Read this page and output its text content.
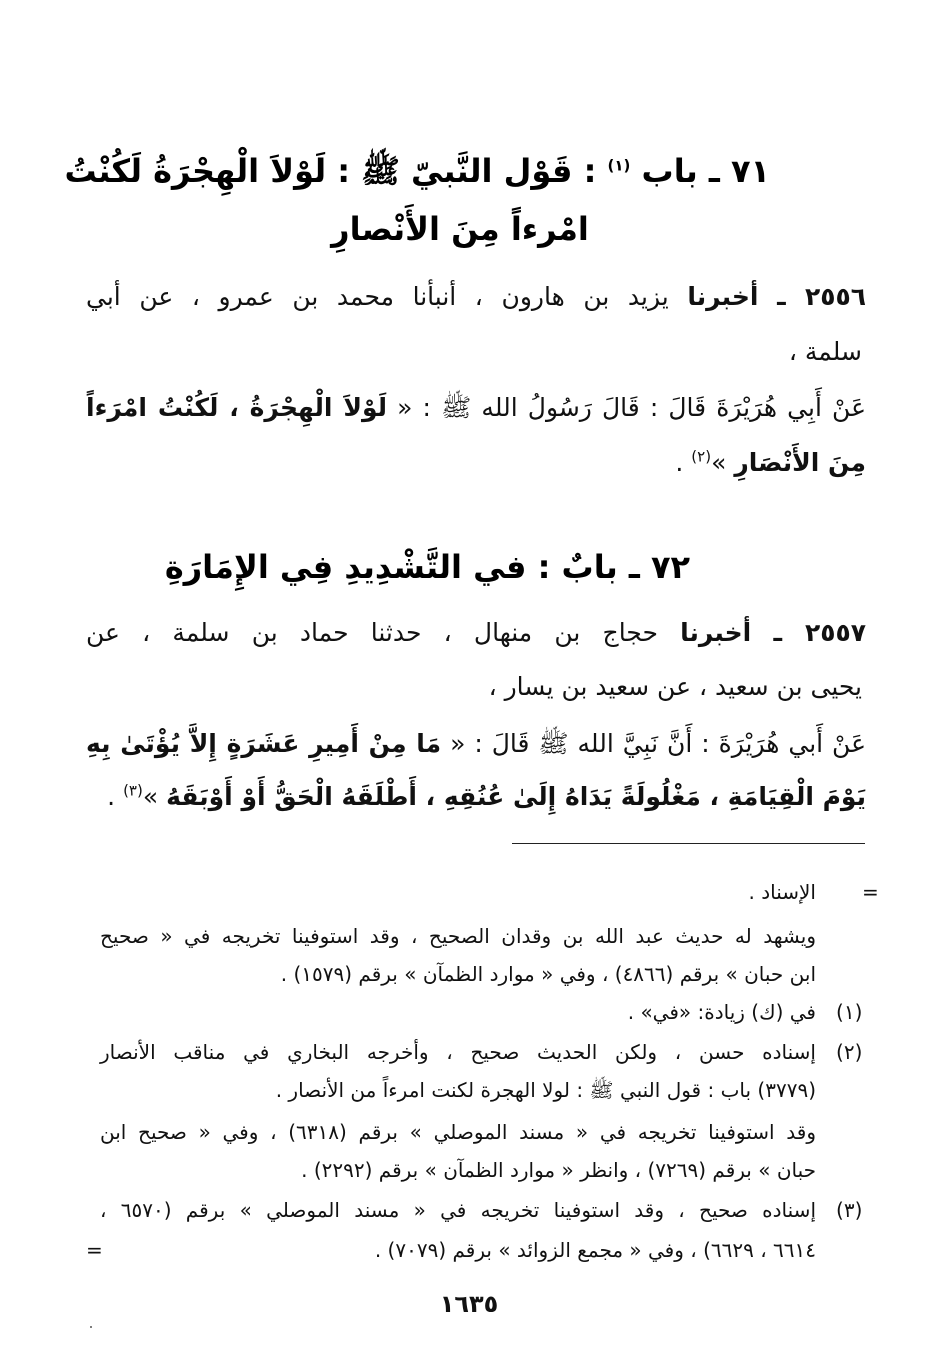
٧١ ـ باب $^{(١)}$ : قَوْل النَّبيّ ﷺ : لَوْلاَ الْهِجْرَةُ لَكُنْتُ
امْرءاً مِنَ الأَنْصارِ
٢٥٥٦ ـ أخبرنا يزيد بن هارون ، أنبأنا محمد بن عمرو ، عن أبي
سلمة ،
عَنْ أَبِي هُرَيْرَةَ قَالَ : قَالَ رَسُولُ الله ﷺ : « لَوْلاَ الْهِجْرَةُ ، لَكُنْتُ امْرَءاً
مِنَ الأَنْصَارِ »$^{(٢)}$ .
٧٢ ـ بابٌ : في التَّشْدِيدِ فِي الإِمَارَةِ
٢٥٥٧ ـ أخبرنا حجاج بن منهال ، حدثنا حماد بن سلمة ، عن
يحيى بن سعيد ، عن سعيد بن يسار ،
عَنْ أَبي هُرَيْرَةَ : أَنَّ نَبِيَّ الله ﷺ قَالَ : « مَا مِنْ أَمِيرِ عَشَرَةٍ إِلاَّ يُؤْتَىٰ بِهِ
يَوْمَ الْقِيَامَةِ ، مَغْلُولَةً يَدَاهُ إِلَىٰ عُنُقِهِ ، أَطْلَقَهُ الْحَقُّ أَوْ أَوْبَقَهُ »$^{(٣)}$ .
=
الإسناد .
ويشهد له حديث عبد الله بن وقدان الصحيح ، وقد استوفينا تخريجه في « صحيح
ابن حبان » برقم (٤٨٦٦) ، وفي « موارد الظمآن » برقم (١٥٧٩) .
(١)
في (ك) زيادة: «في» .
(٢)
إسناده حسن ، ولكن الحديث صحيح ، وأخرجه البخاري في مناقب الأنصار
(٣٧٧٩) باب : قول النبي ﷺ : لولا الهجرة لكنت امرءاً من الأنصار .
وقد استوفينا تخريجه في « مسند الموصلي » برقم (٦٣١٨) ، وفي « صحيح ابن
حبان » برقم (٧٢٦٩) ، وانظر « موارد الظمآن » برقم (٢٢٩٢) .
(٣)
إسناده صحيح ، وقد استوفينا تخريجه في « مسند الموصلي » برقم (٦٥٧٠ ،
٦٦١٤ ، ٦٦٢٩) ، وفي « مجمع الزوائد » برقم (٧٠٧٩) .
=
١٦٣٥
